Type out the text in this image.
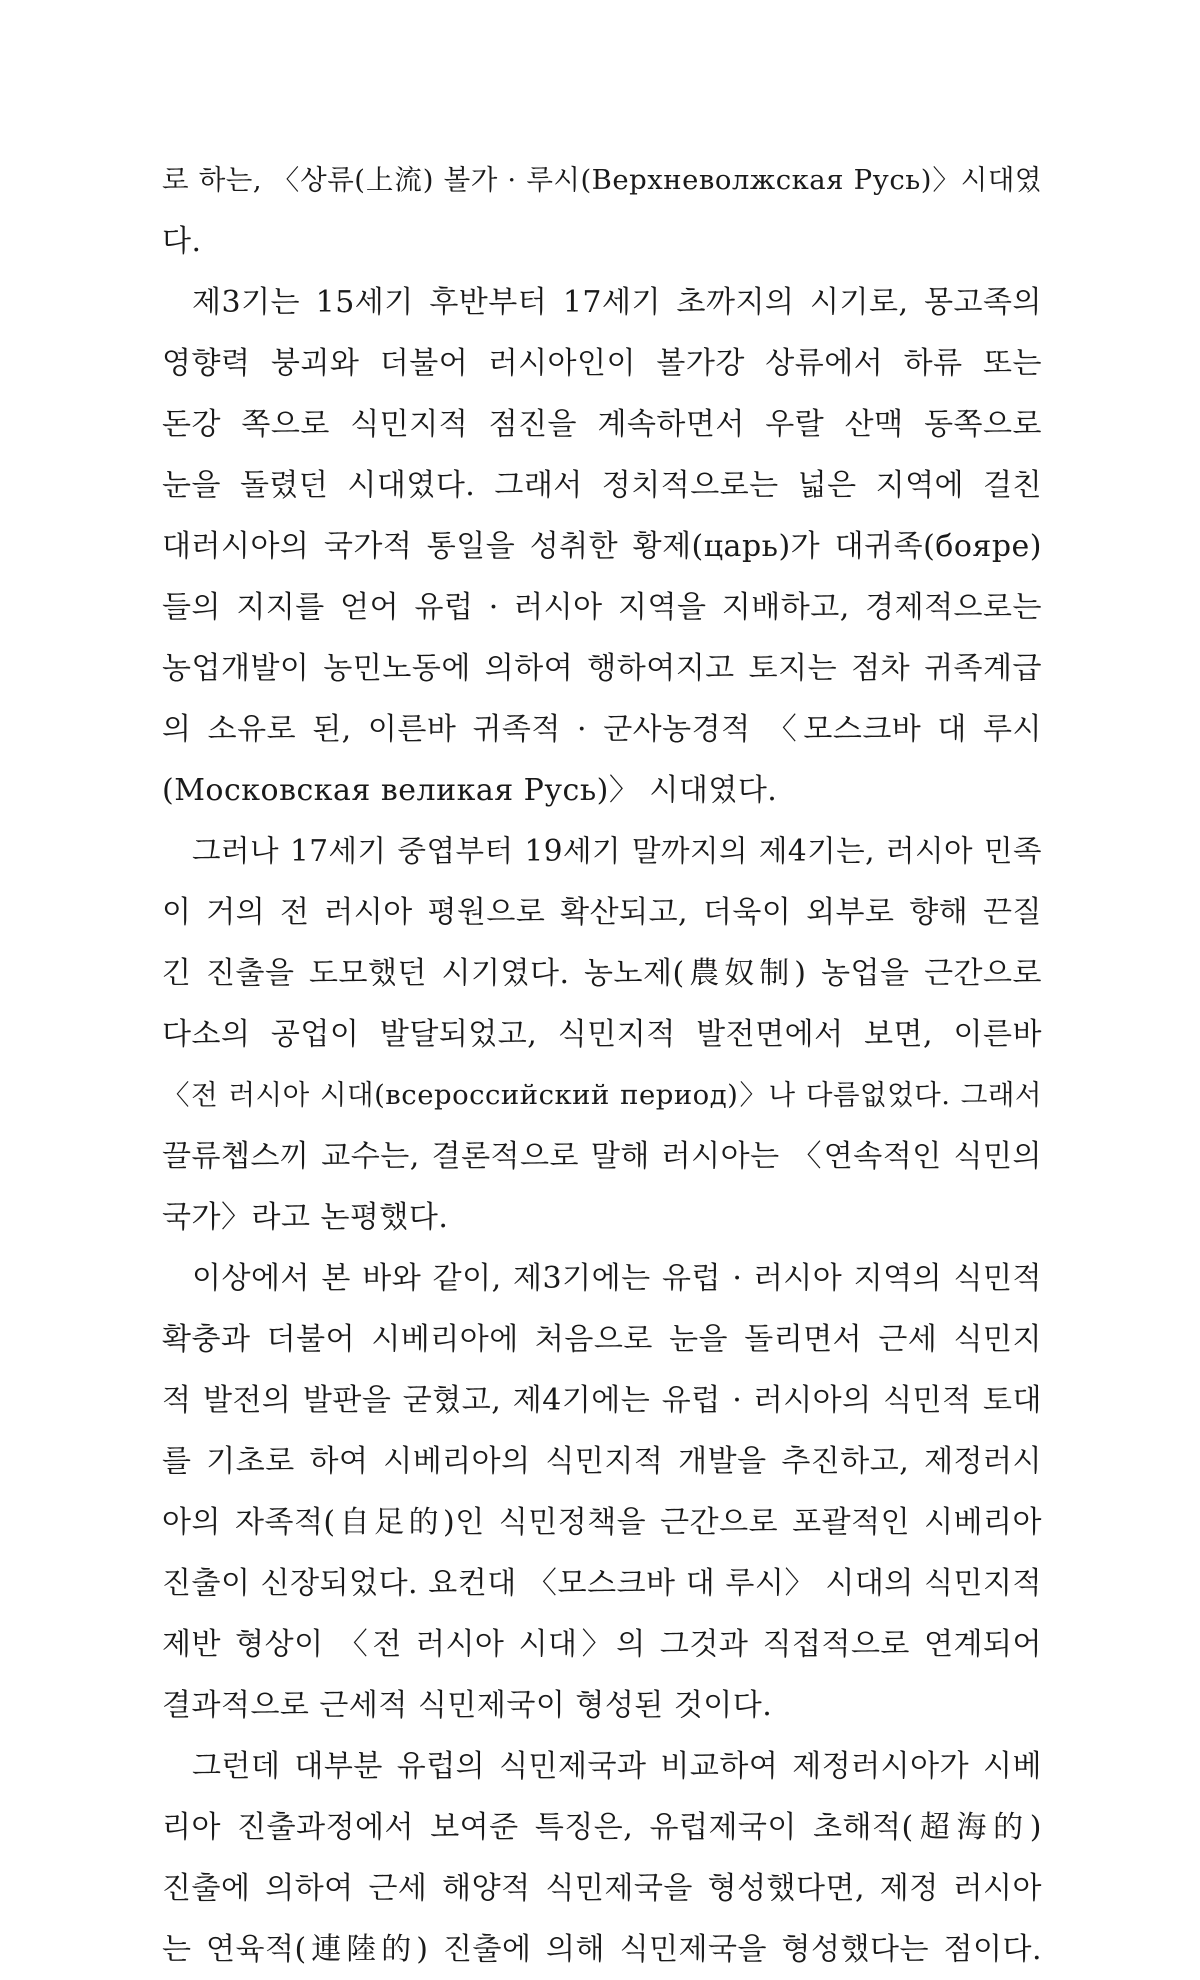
로 하는, 〈상류(上流) 볼가 · 루시(Верхневолжская Русь)〉시대였
다.
제3기는 15세기 후반부터 17세기 초까지의 시기로, 몽고족의
영향력 붕괴와 더불어 러시아인이 볼가강 상류에서 하류 또는
돈강 쪽으로 식민지적 점진을 계속하면서 우랄 산맥 동쪽으로
눈을 돌렸던 시대였다. 그래서 정치적으로는 넓은 지역에 걸친
대러시아의 국가적 통일을 성취한 황제(царь)가 대귀족(бояре)
들의 지지를 얻어 유럽 · 러시아 지역을 지배하고, 경제적으로는
농업개발이 농민노동에 의하여 행하여지고 토지는 점차 귀족계급
의 소유로 된, 이른바 귀족적 · 군사농경적 〈모스크바 대 루시
(Московская великая Русь)〉 시대였다.
그러나 17세기 중엽부터 19세기 말까지의 제4기는, 러시아 민족
이 거의 전 러시아 평원으로 확산되고, 더욱이 외부로 향해 끈질
긴 진출을 도모했던 시기였다. 농노제(農奴制) 농업을 근간으로
다소의 공업이 발달되었고, 식민지적 발전면에서 보면, 이른바
〈전 러시아 시대(всероссийский период)〉나 다름없었다. 그래서
끌류쳅스끼 교수는, 결론적으로 말해 러시아는 〈연속적인 식민의
국가〉라고 논평했다.
이상에서 본 바와 같이, 제3기에는 유럽 · 러시아 지역의 식민적
확충과 더불어 시베리아에 처음으로 눈을 돌리면서 근세 식민지
적 발전의 발판을 굳혔고, 제4기에는 유럽 · 러시아의 식민적 토대
를 기초로 하여 시베리아의 식민지적 개발을 추진하고, 제정러시
아의 자족적(自足的)인 식민정책을 근간으로 포괄적인 시베리아
진출이 신장되었다. 요컨대 〈모스크바 대 루시〉 시대의 식민지적
제반 형상이 〈전 러시아 시대〉의 그것과 직접적으로 연계되어
결과적으로 근세적 식민제국이 형성된 것이다.
그런데 대부분 유럽의 식민제국과 비교하여 제정러시아가 시베
리아 진출과정에서 보여준 특징은, 유럽제국이 초해적(超海的)
진출에 의하여 근세 해양적 식민제국을 형성했다면, 제정 러시아
는 연육적(連陸的) 진출에 의해 식민제국을 형성했다는 점이다.
